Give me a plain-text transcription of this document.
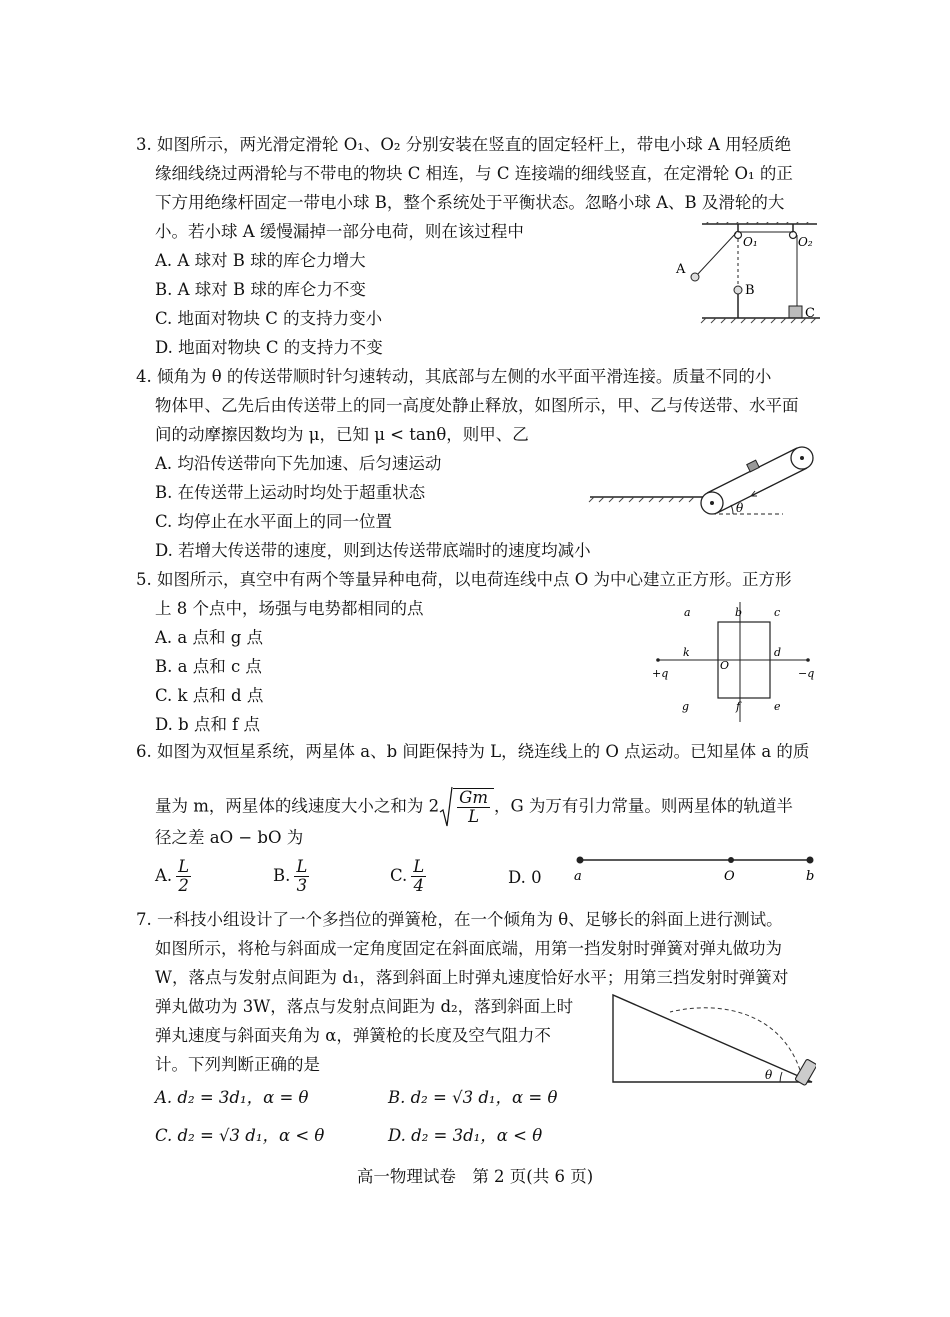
3. 如图所示，两光滑定滑轮 O₁、O₂ 分别安装在竖直的固定轻杆上，带电小球 A 用轻质绝
缘细线绕过两滑轮与不带电的物块 C 相连，与 C 连接端的细线竖直，在定滑轮 O₁ 的正
下方用绝缘杆固定一带电小球 B，整个系统处于平衡状态。忽略小球 A、B 及滑轮的大
小。若小球 A 缓慢漏掉一部分电荷，则在该过程中
A. A 球对 B 球的库仑力增大
B. A 球对 B 球的库仑力不变
C. 地面对物块 C 的支持力变小
D. 地面对物块 C 的支持力不变
O₁	O₂
A
B
C
4. 倾角为 θ 的传送带顺时针匀速转动，其底部与左侧的水平面平滑连接。质量不同的小
物体甲、乙先后由传送带上的同一高度处静止释放，如图所示，甲、乙与传送带、水平面
间的动摩擦因数均为 μ，已知 μ < tanθ，则甲、乙
A. 均沿传送带向下先加速、后匀速运动
B. 在传送带上运动时均处于超重状态
C. 均停止在水平面上的同一位置
D. 若增大传送带的速度，则到达传送带底端时的速度均减小
θ
5. 如图所示，真空中有两个等量异种电荷，以电荷连线中点 O 为中心建立正方形。正方形
上 8 个点中，场强与电势都相同的点
A. a 点和 g 点
B. a 点和 c 点
C. k 点和 d 点
D. b 点和 f 点
a	b	c
k
O
d
+q	−q
g	f	e
6. 如图为双恒星系统，两星体 a、b 间距保持为 L，绕连线上的 O 点运动。已知星体 a 的质
量为 m，两星体的线速度大小之和为 $2 \frac{Gm}{L}$ ，G 为万有引力常量。则两星体的轨道半
径之差 aO − bO 为
A. $\frac{L}{2}$	B. $\frac{L}{3}$	C. $\frac{L}{4}$	D. 0 a	O	b
7. 一科技小组设计了一个多挡位的弹簧枪，在一个倾角为 θ、足够长的斜面上进行测试。
如图所示，将枪与斜面成一定角度固定在斜面底端，用第一挡发射时弹簧对弹丸做功为
W，落点与发射点间距为 d₁，落到斜面上时弹丸速度恰好水平；用第三挡发射时弹簧对
弹丸做功为 3W，落点与发射点间距为 d₂，落到斜面上时
弹丸速度与斜面夹角为 α，弹簧枪的长度及空气阻力不
计。下列判断正确的是
A. d₂ = 3d₁，α = θ	B. d₂ = √3 d₁，α = θ
C. d₂ = √3 d₁，α < θ	D. d₂ = 3d₁，α < θ
θ
高一物理试卷　第 2 页(共 6 页)
